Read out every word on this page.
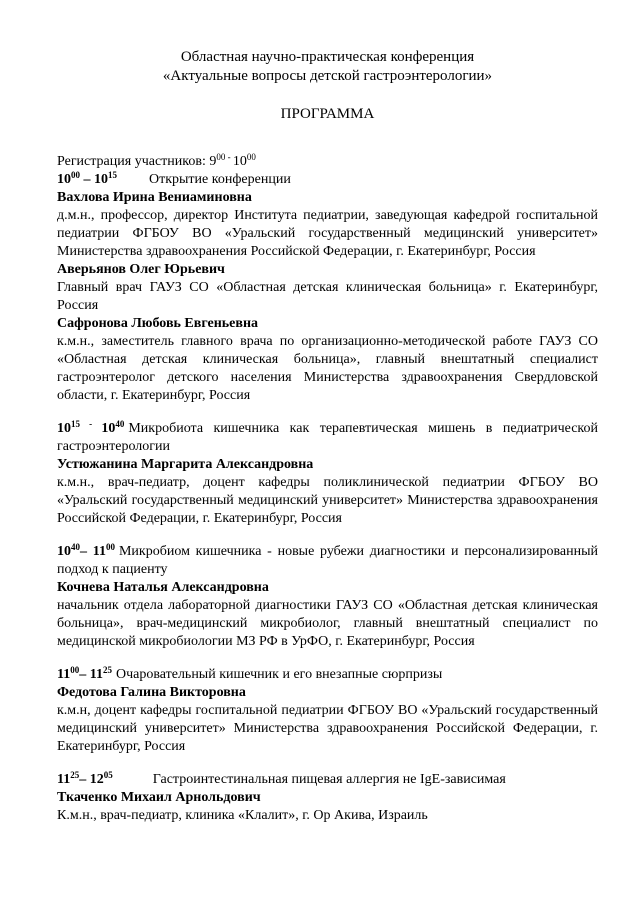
Областная научно-практическая конференция

«Актуальные вопросы детской гастроэнтерологии»

ПРОГРАММА

Регистрация участников: $9^{00}$ - $10^{00}$

$10^{00} - 10^{15}$ Открытие конференции

Вахлова Ирина Вениаминовна

д.м.н., профессор, директор Института педиатрии, заведующая кафедрой госпитальной педиатрии ФГБОУ ВО «Уральский государственный медицинский университет» Министерства здравоохранения Российской Федерации, г. Екатеринбург, Россия

Аверьянов Олег Юрьевич

Главный врач ГАУЗ СО «Областная детская клиническая больница» г. Екатеринбург, Россия

Сафронова Любовь Евгеньевна

к.м.н., заместитель главного врача по организационно-методической работе ГАУЗ СО «Областная детская клиническая больница», главный внештатный специалист гастроэнтеролог детского населения Министерства здравоохранения Свердловской области, г. Екатеринбург, Россия

$10^{15}$ - $10^{40}$ Микробиота кишечника как терапевтическая мишень в педиатрической гастроэнтерологии

Устюжанина Маргарита Александровна

к.м.н., врач-педиатр, доцент кафедры поликлинической педиатрии ФГБОУ ВО «Уральский государственный медицинский университет» Министерства здравоохранения Российской Федерации, г. Екатеринбург, Россия

$10^{40}-$ $11^{00}$ Микробиом кишечника - новые рубежи диагностики и персонализированный подход к пациенту

Кочнева Наталья Александровна

начальник отдела лабораторной диагностики ГАУЗ СО «Областная детская клиническая больница», врач-медицинский микробиолог, главный внештатный специалист по медицинской микробиологии МЗ РФ в УрФО, г. Екатеринбург, Россия

$11^{00}-$ $11^{25}$ Очаровательный кишечник и его внезапные сюрпризы

Федотова Галина Викторовна

к.м.н, доцент кафедры госпитальной педиатрии ФГБОУ ВО «Уральский государственный медицинский университет» Министерства здравоохранения Российской Федерации, г. Екатеринбург, Россия

$11^{25}-$ $12^{05}$	Гастроинтестинальная пищевая аллергия не IgE-зависимая

Ткаченко Михаил Арнольдович

К.м.н., врач-педиатр, клиника «Клалит», г. Ор Акива, Израиль
